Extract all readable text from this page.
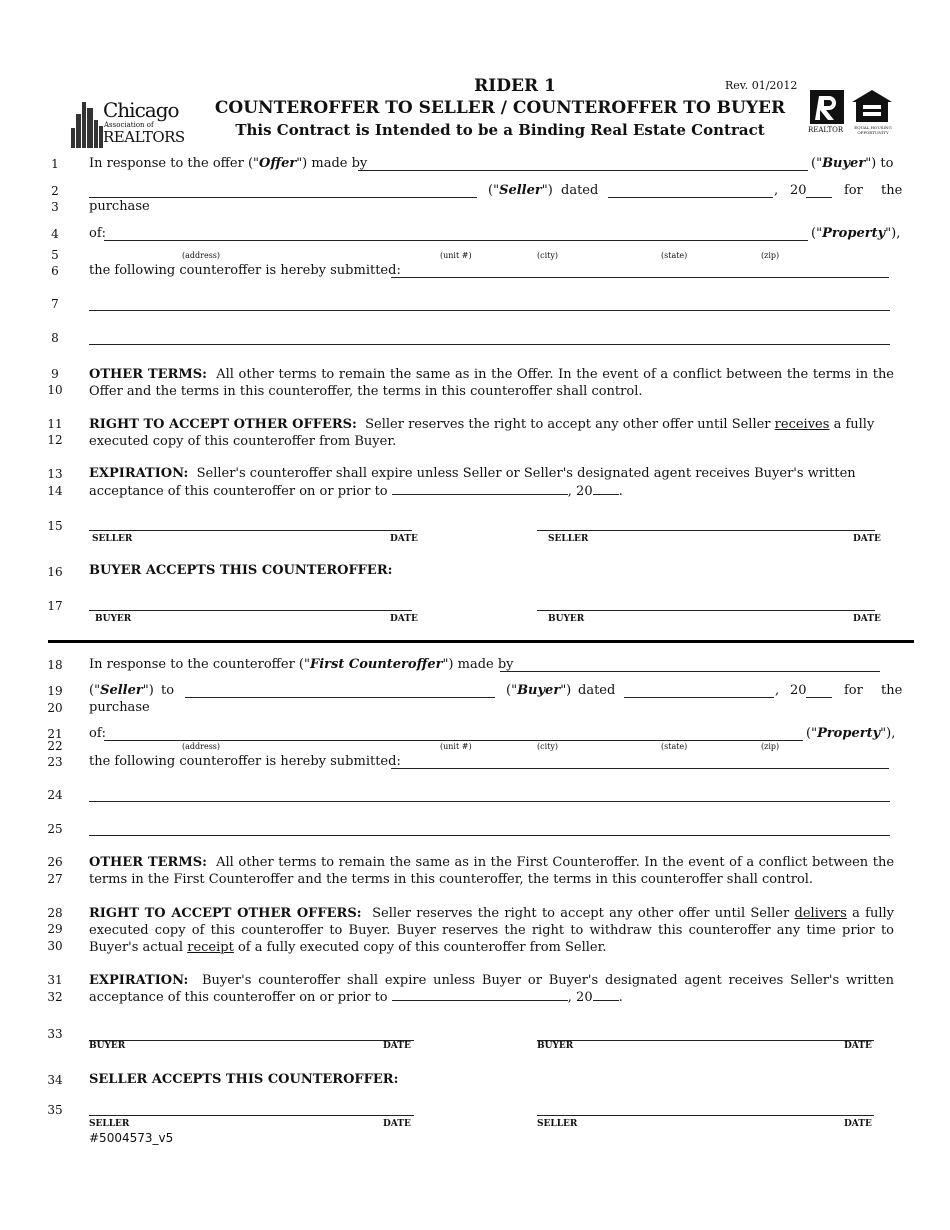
Chicago
Association of
REALTORS
RIDER 1	Rev. 01/2012
COUNTEROFFER TO SELLER / COUNTEROFFER TO BUYER
This Contract is Intended to be a Binding Real Estate Contract	REALTOR	EQUAL HOUSING OPPORTUNITY
1
2
3
4
5
6
7
8
9
10
11
12
13
14
15
16
17
18
19
20
21
22
23
24
25
26
27
28
29
30
31
32
33
34
35
In response to the offer ("Offer") made by	("Buyer") to
("Seller") dated	, 20	for the
purchase
of:	("Property"),
(address)	(unit #)	(city)	(state)	(zip)
the following counteroffer is hereby submitted:
OTHER TERMS: All other terms to remain the same as in the Offer. In the event of a conflict between the terms in the Offer and the terms in this counteroffer, the terms in this counteroffer shall control.
RIGHT TO ACCEPT OTHER OFFERS: Seller reserves the right to accept any other offer until Seller receives a fully executed copy of this counteroffer from Buyer.
EXPIRATION: Seller's counteroffer shall expire unless Seller or Seller's designated agent receives Buyer's written
acceptance of this counteroffer on or prior to	, 20 .
SELLER	DATE	SELLER	DATE
BUYER ACCEPTS THIS COUNTEROFFER:
BUYER	DATE	BUYER	DATE
In response to the counteroffer ("First Counteroffer") made by
("Seller") to	("Buyer") dated	, 20	for the
purchase
of:	("Property"),
(address)	(unit #)	(city)	(state)	(zip)
the following counteroffer is hereby submitted:
OTHER TERMS: All other terms to remain the same as in the First Counteroffer. In the event of a conflict between the terms in the First Counteroffer and the terms in this counteroffer, the terms in this counteroffer shall control.
RIGHT TO ACCEPT OTHER OFFERS: Seller reserves the right to accept any other offer until Seller delivers a fully executed copy of this counteroffer to Buyer. Buyer reserves the right to withdraw this counteroffer any time prior to Buyer's actual receipt of a fully executed copy of this counteroffer from Seller.
EXPIRATION: Buyer's counteroffer shall expire unless Buyer or Buyer's designated agent receives Seller's written acceptance of this counteroffer on or prior to	, 20 .
BUYER	DATE	BUYER	DATE
SELLER ACCEPTS THIS COUNTEROFFER:
SELLER	DATE	SELLER	DATE
#5004573_v5
